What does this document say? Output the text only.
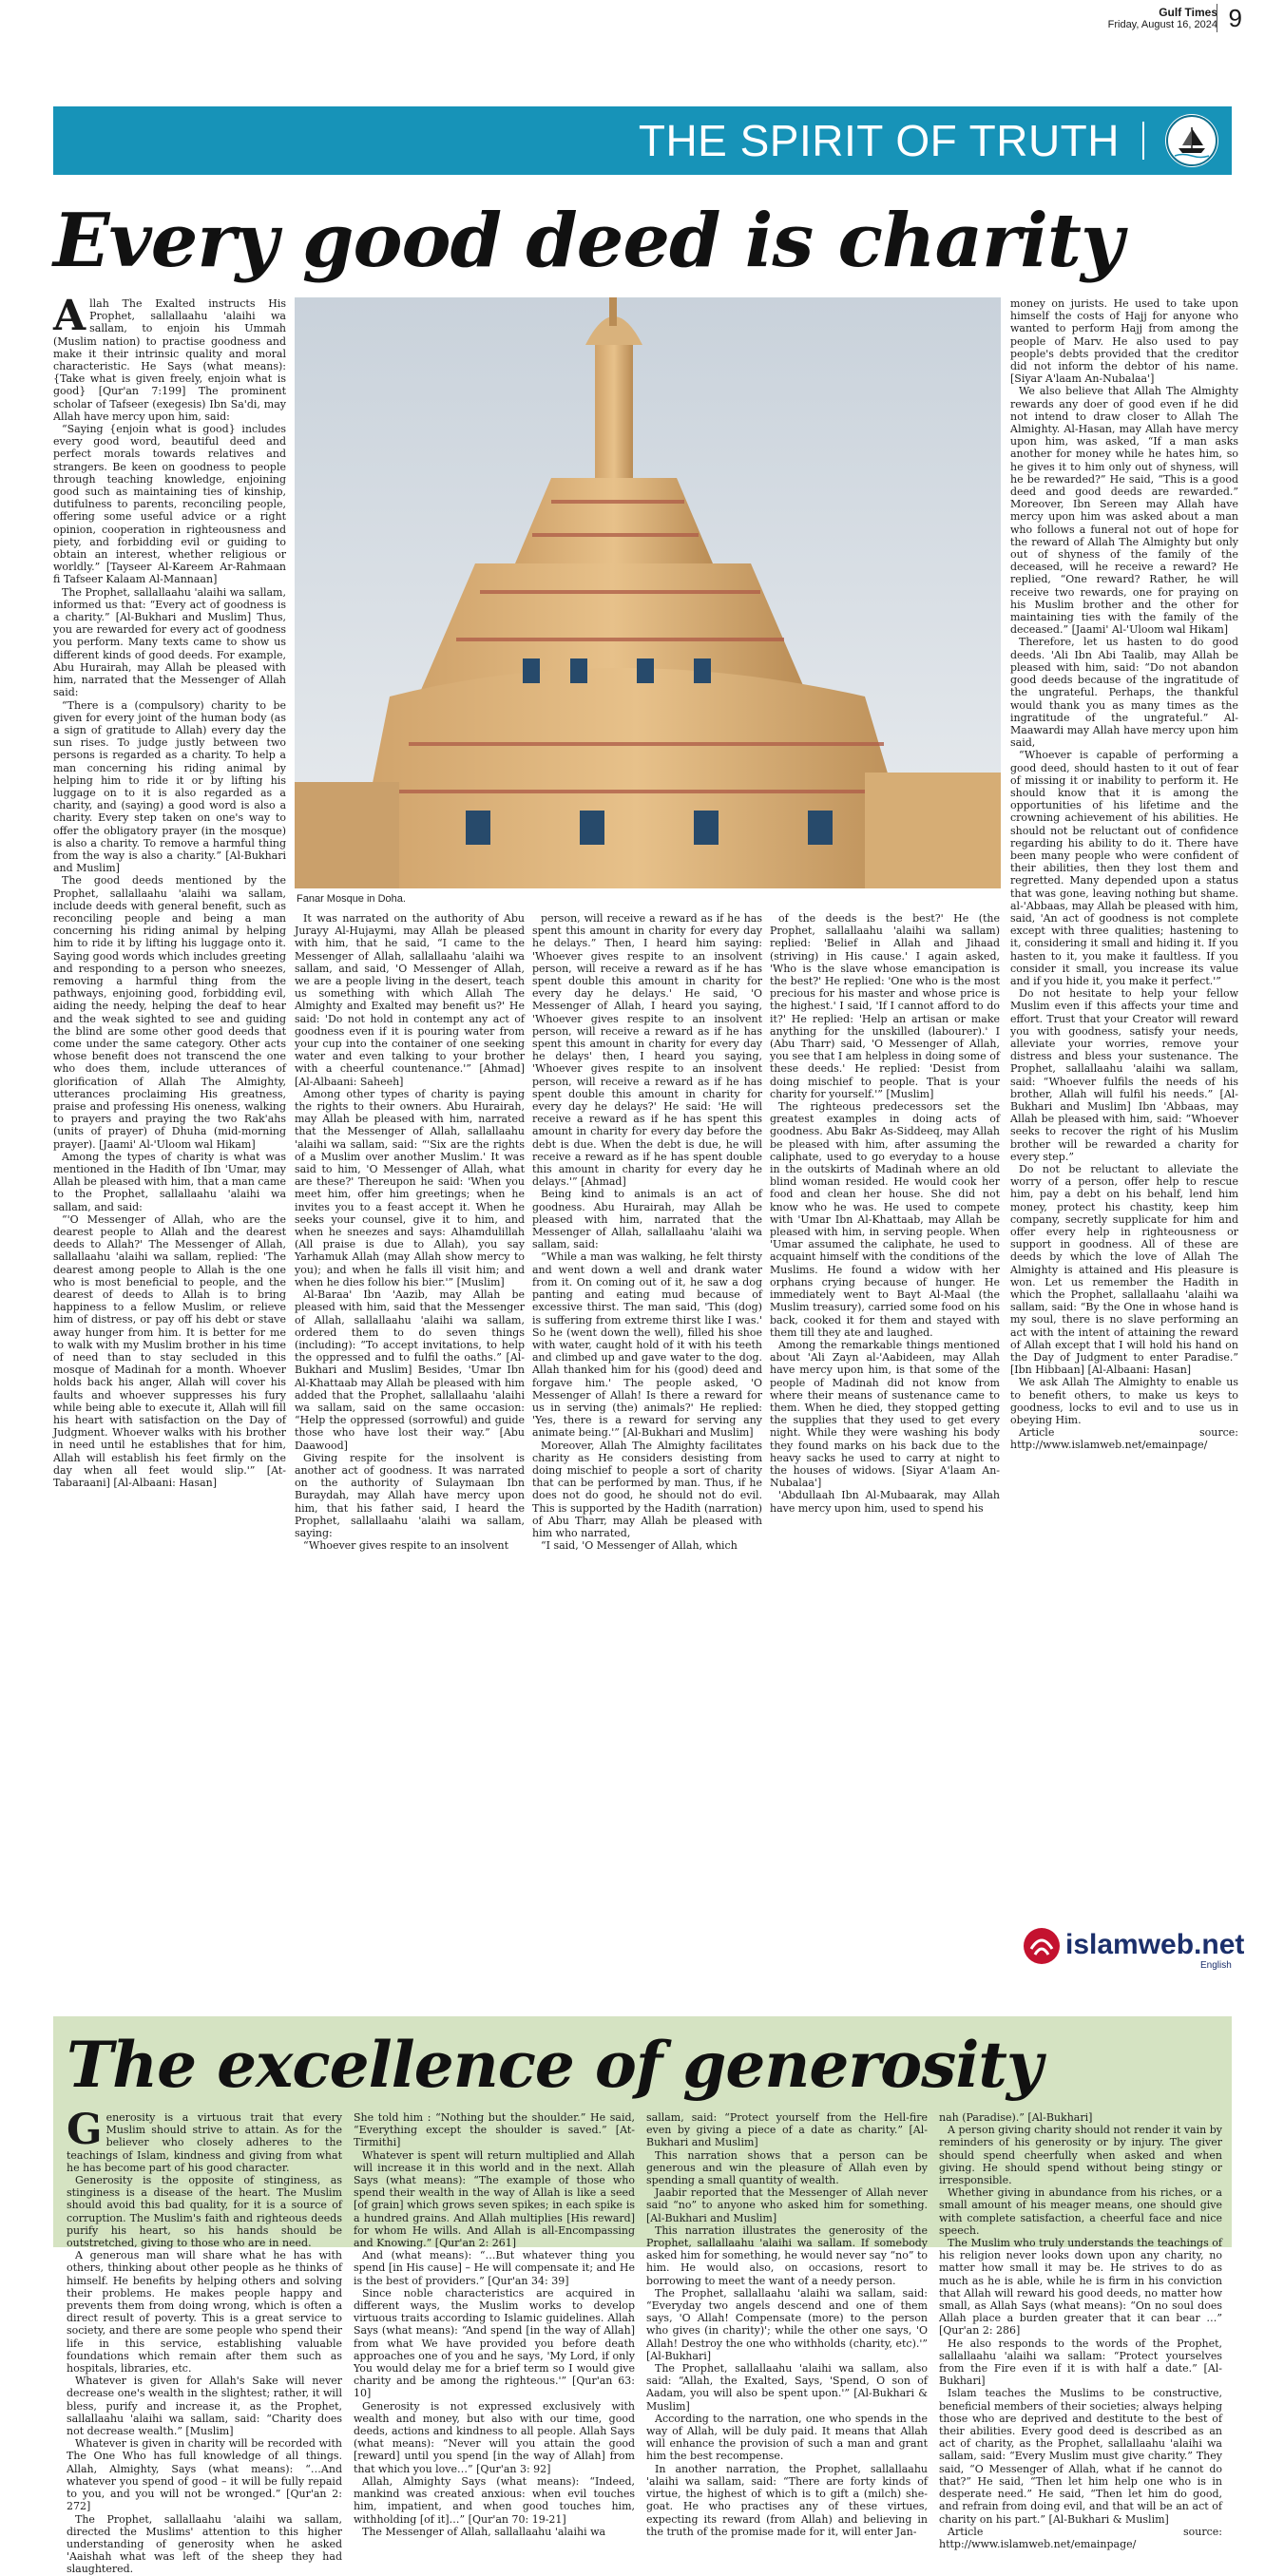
Gulf Times
Friday, August 16, 2024 9
THE SPIRIT OF TRUTH
Every good deed is charity

Allah The Exalted instructs His Prophet, sallallaahu 'alaihi wa sallam, to enjoin his Ummah (Muslim nation) to practise goodness and make it their intrinsic quality and moral characteristic. He Says (what means): {Take what is given freely, enjoin what is good} [Qur'an 7:199] The prominent scholar of Tafseer (exegesis) Ibn Sa'di, may Allah have mercy upon him, said:

“Saying {enjoin what is good} includes every good word, beautiful deed and perfect morals towards relatives and strangers. Be keen on goodness to people through teaching knowledge, enjoining good such as maintaining ties of kinship, dutifulness to parents, reconciling people, offering some useful advice or a right opinion, cooperation in righteousness and piety, and forbidding evil or guiding to obtain an interest, whether religious or worldly.” [Tayseer Al-Kareem Ar-Rahmaan fi Tafseer Kalaam Al-Mannaan]

The Prophet, sallallaahu 'alaihi wa sallam, informed us that: “Every act of goodness is a charity.” [Al-Bukhari and Muslim] Thus, you are rewarded for every act of goodness you perform. Many texts came to show us different kinds of good deeds. For example, Abu Hurairah, may Allah be pleased with him, narrated that the Messenger of Allah said:

“There is a (compulsory) charity to be given for every joint of the human body (as a sign of gratitude to Allah) every day the sun rises. To judge justly between two persons is regarded as a charity. To help a man concerning his riding animal by helping him to ride it or by lifting his luggage on to it is also regarded as a charity, and (saying) a good word is also a charity. Every step taken on one's way to offer the obligatory prayer (in the mosque) is also a charity. To remove a harmful thing from the way is also a charity.” [Al-Bukhari and Muslim]

The good deeds mentioned by the Prophet, sallallaahu 'alaihi wa sallam, include deeds with general benefit, such as reconciling people and being a man concerning his riding animal by helping him to ride it by lifting his luggage onto it. Saying good words which includes greeting and responding to a person who sneezes, removing a harmful thing from the pathways, enjoining good, forbidding evil, aiding the needy, helping the deaf to hear and the weak sighted to see and guiding the blind are some other good deeds that come under the same category. Other acts whose benefit does not transcend the one who does them, include utterances of glorification of Allah The Almighty, utterances proclaiming His greatness, praise and professing His oneness, walking to prayers and praying the two Rak'ahs (units of prayer) of Dhuha (mid-morning prayer). [Jaami' Al-'Uloom wal Hikam]

Among the types of charity is what was mentioned in the Hadith of Ibn 'Umar, may Allah be pleased with him, that a man came to the Prophet, sallallaahu 'alaihi wa sallam, and said:

“'O Messenger of Allah, who are the dearest people to Allah and the dearest deeds to Allah?' The Messenger of Allah, sallallaahu 'alaihi wa sallam, replied: 'The dearest among people to Allah is the one who is most beneficial to people, and the dearest of deeds to Allah is to bring happiness to a fellow Muslim, or relieve him of distress, or pay off his debt or stave away hunger from him. It is better for me to walk with my Muslim brother in his time of need than to stay secluded in this mosque of Madinah for a month. Whoever holds back his anger, Allah will cover his faults and whoever suppresses his fury while being able to execute it, Allah will fill his heart with satisfaction on the Day of Judgment. Whoever walks with his brother in need until he establishes that for him, Allah will establish his feet firmly on the day when all feet would slip.'” [At-Tabaraani] [Al-Albaani: Hasan]

Fanar Mosque in Doha.

It was narrated on the authority of Abu Jurayy Al-Hujaymi, may Allah be pleased with him, that he said, “I came to the Messenger of Allah, sallallaahu 'alaihi wa sallam, and said, 'O Messenger of Allah, we are a people living in the desert, teach us something with which Allah The Almighty and Exalted may benefit us?' He said: 'Do not hold in contempt any act of goodness even if it is pouring water from your cup into the container of one seeking water and even talking to your brother with a cheerful countenance.'” [Ahmad] [Al-Albaani: Saheeh]

Among other types of charity is paying the rights to their owners. Abu Hurairah, may Allah be pleased with him, narrated that the Messenger of Allah, sallallaahu 'alaihi wa sallam, said: “'Six are the rights of a Muslim over another Muslim.' It was said to him, 'O Messenger of Allah, what are these?' Thereupon he said: 'When you meet him, offer him greetings; when he invites you to a feast accept it. When he seeks your counsel, give it to him, and when he sneezes and says: Alhamdulillah (All praise is due to Allah), you say Yarhamuk Allah (may Allah show mercy to you); and when he falls ill visit him; and when he dies follow his bier.'” [Muslim]

Al-Baraa' Ibn 'Aazib, may Allah be pleased with him, said that the Messenger of Allah, sallallaahu 'alaihi wa sallam, ordered them to do seven things (including): “To accept invitations, to help the oppressed and to fulfil the oaths.” [Al-Bukhari and Muslim] Besides, 'Umar Ibn Al-Khattaab may Allah be pleased with him added that the Prophet, sallallaahu 'alaihi wa sallam, said on the same occasion: “Help the oppressed (sorrowful) and guide those who have lost their way.” [Abu Daawood]

Giving respite for the insolvent is another act of goodness. It was narrated on the authority of Sulaymaan Ibn Buraydah, may Allah have mercy upon him, that his father said, I heard the Prophet, sallallaahu 'alaihi wa sallam, saying:

“Whoever gives respite to an insolvent

person, will receive a reward as if he has spent this amount in charity for every day he delays.” Then, I heard him saying: 'Whoever gives respite to an insolvent person, will receive a reward as if he has spent double this amount in charity for every day he delays.' He said, 'O Messenger of Allah, I heard you saying, 'Whoever gives respite to an insolvent person, will receive a reward as if he has spent this amount in charity for every day he delays' then, I heard you saying, 'Whoever gives respite to an insolvent person, will receive a reward as if he has spent double this amount in charity for every day he delays?' He said: 'He will receive a reward as if he has spent this amount in charity for every day before the debt is due. When the debt is due, he will receive a reward as if he has spent double this amount in charity for every day he delays.'” [Ahmad]

Being kind to animals is an act of goodness. Abu Hurairah, may Allah be pleased with him, narrated that the Messenger of Allah, sallallaahu 'alaihi wa sallam, said:

“While a man was walking, he felt thirsty and went down a well and drank water from it. On coming out of it, he saw a dog panting and eating mud because of excessive thirst. The man said, 'This (dog) is suffering from extreme thirst like I was.' So he (went down the well), filled his shoe with water, caught hold of it with his teeth and climbed up and gave water to the dog. Allah thanked him for his (good) deed and forgave him.' The people asked, 'O Messenger of Allah! Is there a reward for us in serving (the) animals?' He replied: 'Yes, there is a reward for serving any animate being.'” [Al-Bukhari and Muslim]

Moreover, Allah The Almighty facilitates charity as He considers desisting from doing mischief to people a sort of charity that can be performed by man. Thus, if he does not do good, he should not do evil. This is supported by the Hadith (narration) of Abu Tharr, may Allah be pleased with him who narrated,

“I said, 'O Messenger of Allah, which

of the deeds is the best?' He (the Prophet, sallallaahu 'alaihi wa sallam) replied: 'Belief in Allah and Jihaad (striving) in His cause.' I again asked, 'Who is the slave whose emancipation is the best?' He replied: 'One who is the most precious for his master and whose price is the highest.' I said, 'If I cannot afford to do it?' He replied: 'Help an artisan or make anything for the unskilled (labourer).' I (Abu Tharr) said, 'O Messenger of Allah, you see that I am helpless in doing some of these deeds.' He replied: 'Desist from doing mischief to people. That is your charity for yourself.'” [Muslim]

The righteous predecessors set the greatest examples in doing acts of goodness. Abu Bakr As-Siddeeq, may Allah be pleased with him, after assuming the caliphate, used to go everyday to a house in the outskirts of Madinah where an old blind woman resided. He would cook her food and clean her house. She did not know who he was. He used to compete with 'Umar Ibn Al-Khattaab, may Allah be pleased with him, in serving people. When 'Umar assumed the caliphate, he used to acquaint himself with the conditions of the Muslims. He found a widow with her orphans crying because of hunger. He immediately went to Bayt Al-Maal (the Muslim treasury), carried some food on his back, cooked it for them and stayed with them till they ate and laughed.

Among the remarkable things mentioned about 'Ali Zayn al-'Aabideen, may Allah have mercy upon him, is that some of the people of Madinah did not know from where their means of sustenance came to them. When he died, they stopped getting the supplies that they used to get every night. While they were washing his body they found marks on his back due to the heavy sacks he used to carry at night to the houses of widows. [Siyar A'laam An-Nubalaa']

'Abdullaah Ibn Al-Mubaarak, may Allah have mercy upon him, used to spend his

money on jurists. He used to take upon himself the costs of Hajj for anyone who wanted to perform Hajj from among the people of Marv. He also used to pay people's debts provided that the creditor did not inform the debtor of his name. [Siyar A'laam An-Nubalaa']

We also believe that Allah The Almighty rewards any doer of good even if he did not intend to draw closer to Allah The Almighty. Al-Hasan, may Allah have mercy upon him, was asked, “If a man asks another for money while he hates him, so he gives it to him only out of shyness, will he be rewarded?” He said, “This is a good deed and good deeds are rewarded.” Moreover, Ibn Sereen may Allah have mercy upon him was asked about a man who follows a funeral not out of hope for the reward of Allah The Almighty but only out of shyness of the family of the deceased, will he receive a reward? He replied, “One reward? Rather, he will receive two rewards, one for praying on his Muslim brother and the other for maintaining ties with the family of the deceased.” [Jaami' Al-'Uloom wal Hikam]

Therefore, let us hasten to do good deeds. 'Ali Ibn Abi Taalib, may Allah be pleased with him, said: “Do not abandon good deeds because of the ingratitude of the ungrateful. Perhaps, the thankful would thank you as many times as the ingratitude of the ungrateful.” Al-Maawardi may Allah have mercy upon him said,

“Whoever is capable of performing a good deed, should hasten to it out of fear of missing it or inability to perform it. He should know that it is among the opportunities of his lifetime and the crowning achievement of his abilities. He should not be reluctant out of confidence regarding his ability to do it. There have been many people who were confident of their abilities, then they lost them and regretted. Many depended upon a status that was gone, leaving nothing but shame. al-'Abbaas, may Allah be pleased with him, said, 'An act of goodness is not complete except with three qualities; hastening to it, considering it small and hiding it. If you hasten to it, you make it faultless. If you consider it small, you increase its value and if you hide it, you make it perfect.'”

Do not hesitate to help your fellow Muslim even if this affects your time and effort. Trust that your Creator will reward you with goodness, satisfy your needs, alleviate your worries, remove your distress and bless your sustenance. The Prophet, sallallaahu 'alaihi wa sallam, said: “Whoever fulfils the needs of his brother, Allah will fulfil his needs.” [Al-Bukhari and Muslim] Ibn 'Abbaas, may Allah be pleased with him, said: “Whoever seeks to recover the right of his Muslim brother will be rewarded a charity for every step.”

Do not be reluctant to alleviate the worry of a person, offer help to rescue him, pay a debt on his behalf, lend him money, protect his chastity, keep him company, secretly supplicate for him and offer every help in righteousness or support in goodness. All of these are deeds by which the love of Allah The Almighty is attained and His pleasure is won. Let us remember the Hadith in which the Prophet, sallallaahu 'alaihi wa sallam, said: “By the One in whose hand is my soul, there is no slave performing an act with the intent of attaining the reward of Allah except that I will hold his hand on the Day of Judgment to enter Paradise.” [Ibn Hibbaan] [Al-Albaani: Hasan]

We ask Allah The Almighty to enable us to benefit others, to make us keys to goodness, locks to evil and to use us in obeying Him.

Article source: http://www.islamweb.net/emainpage/

islamweb.net
English
The excellence of generosity

Generosity is a virtuous trait that every Muslim should strive to attain. As for the believer who closely adheres to the teachings of Islam, kindness and giving from what he has become part of his good character.

Generosity is the opposite of stinginess, as stinginess is a disease of the heart. The Muslim should avoid this bad quality, for it is a source of corruption. The Muslim's faith and righteous deeds purify his heart, so his hands should be outstretched, giving to those who are in need.

A generous man will share what he has with others, thinking about other people as he thinks of himself. He benefits by helping others and solving their problems. He makes people happy and prevents them from doing wrong, which is often a direct result of poverty. This is a great service to society, and there are some people who spend their life in this service, establishing valuable foundations which remain after them such as hospitals, libraries, etc.

Whatever is given for Allah's Sake will never decrease one's wealth in the slightest; rather, it will bless, purify and increase it, as the Prophet, sallallaahu 'alaihi wa sallam, said: “Charity does not decrease wealth.” [Muslim]

Whatever is given in charity will be recorded with The One Who has full knowledge of all things. Allah, Almighty, Says (what means): “…And whatever you spend of good – it will be fully repaid to you, and you will not be wronged.” [Qur'an 2: 272]

The Prophet, sallallaahu 'alaihi wa sallam, directed the Muslims' attention to this higher understanding of generosity when he asked 'Aaishah what was left of the sheep they had slaughtered.

She told him : “Nothing but the shoulder.” He said, “Everything except the shoulder is saved.” [At-Tirmithi]

Whatever is spent will return multiplied and Allah will increase it in this world and in the next. Allah Says (what means): “The example of those who spend their wealth in the way of Allah is like a seed [of grain] which grows seven spikes; in each spike is a hundred grains. And Allah multiplies [His reward] for whom He wills. And Allah is all-Encompassing and Knowing.” [Qur'an 2: 261]

And (what means): “…But whatever thing you spend [in His cause] – He will compensate it; and He is the best of providers.” [Qur'an 34: 39]

Since noble characteristics are acquired in different ways, the Muslim works to develop virtuous traits according to Islamic guidelines. Allah Says (what means): “And spend [in the way of Allah] from what We have provided you before death approaches one of you and he says, 'My Lord, if only You would delay me for a brief term so I would give charity and be among the righteous.'” [Qur'an 63: 10]

Generosity is not expressed exclusively with wealth and money, but also with our time, good deeds, actions and kindness to all people. Allah Says (what means): “Never will you attain the good [reward] until you spend [in the way of Allah] from that which you love…” [Qur'an 3: 92]

Allah, Almighty Says (what means): “Indeed, mankind was created anxious: when evil touches him, impatient, and when good touches him, withholding [of it]…” [Qur'an 70: 19-21]

The Messenger of Allah, sallallaahu 'alaihi wa

sallam, said: “Protect yourself from the Hell-fire even by giving a piece of a date as charity.” [Al-Bukhari and Muslim]

This narration shows that a person can be generous and win the pleasure of Allah even by spending a small quantity of wealth.

Jaabir reported that the Messenger of Allah never said “no” to anyone who asked him for something. [Al-Bukhari and Muslim]

This narration illustrates the generosity of the Prophet, sallallaahu 'alaihi wa sallam. If somebody asked him for something, he would never say “no” to him. He would also, on occasions, resort to borrowing to meet the want of a needy person.

The Prophet, sallallaahu 'alaihi wa sallam, said: “Everyday two angels descend and one of them says, 'O Allah! Compensate (more) to the person who gives (in charity)'; while the other one says, 'O Allah! Destroy the one who withholds (charity, etc).'” [Al-Bukhari]

The Prophet, sallallaahu 'alaihi wa sallam, also said: “Allah, the Exalted, Says, 'Spend, O son of Aadam, you will also be spent upon.'” [Al-Bukhari & Muslim]

According to the narration, one who spends in the way of Allah, will be duly paid. It means that Allah will enhance the provision of such a man and grant him the best recompense.

In another narration, the Prophet, sallallaahu 'alaihi wa sallam, said: “There are forty kinds of virtue, the highest of which is to gift a (milch) she-goat. He who practises any of these virtues, expecting its reward (from Allah) and believing in the truth of the promise made for it, will enter Jan-

nah (Paradise).” [Al-Bukhari]

A person giving charity should not render it vain by reminders of his generosity or by injury. The giver should spend cheerfully when asked and when giving. He should spend without being stingy or irresponsible.

Whether giving in abundance from his riches, or a small amount of his meager means, one should give with complete satisfaction, a cheerful face and nice speech.

The Muslim who truly understands the teachings of his religion never looks down upon any charity, no matter how small it may be. He strives to do as much as he is able, while he is firm in his conviction that Allah will reward his good deeds, no matter how small, as Allah Says (what means): “On no soul does Allah place a burden greater that it can bear …” [Qur'an 2: 286]

He also responds to the words of the Prophet, sallallaahu 'alaihi wa sallam: “Protect yourselves from the Fire even if it is with half a date.” [Al-Bukhari]

Islam teaches the Muslims to be constructive, beneficial members of their societies; always helping those who are deprived and destitute to the best of their abilities. Every good deed is described as an act of charity, as the Prophet, sallallaahu 'alaihi wa sallam, said: “Every Muslim must give charity.” They said, “O Messenger of Allah, what if he cannot do that?” He said, “Then let him help one who is in desperate need.” He said, “Then let him do good, and refrain from doing evil, and that will be an act of charity on his part.” [Al-Bukhari & Muslim]

Article source: http://www.islamweb.net/emainpage/
